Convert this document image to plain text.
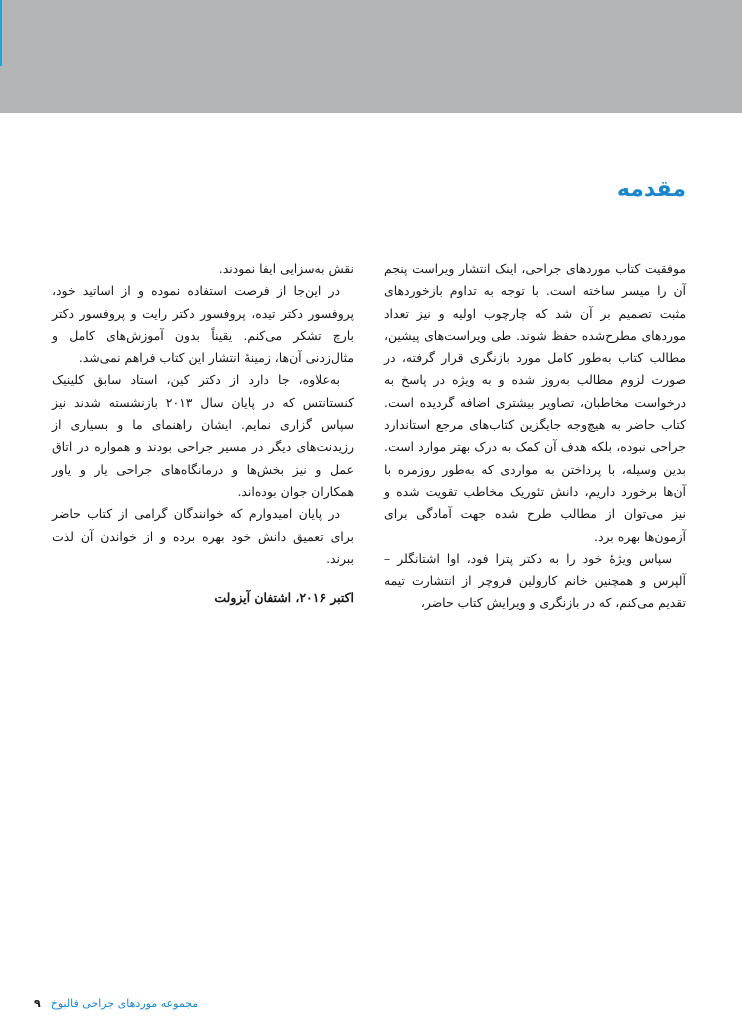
مقدمه

موفقیت کتاب موردهای جراحی، اینک انتشار ویراست پنجم آن را میسر ساخته است. با توجه به تداوم بازخوردهای مثبت تصمیم بر آن شد که چارچوب اولیه و نیز تعداد موردهای مطرح‌شده حفظ شوند. طی ویراست‌های پیشین، مطالب کتاب به‌طور کامل مورد بازنگری قرار گرفته، در صورت لزوم مطالب به‌روز شده و به ویژه در پاسخ به درخواست مخاطبان، تصاویر بیشتری اضافه گردیده است. کتاب حاضر به هیچ‌وجه جایگزین کتاب‌های مرجع استاندارد جراحی نبوده، بلکه هدف آن کمک به درک بهتر موارد است. بدین وسیله، با پرداختن به مواردی که به‌طور روزمره با آن‌ها برخورد داریم، دانش تئوریک مخاطب تقویت شده و نیز می‌توان از مطالب طرح شده جهت آمادگی برای آزمون‌ها بهره برد.

سپاس ویژهٔ خود را به دکتر پترا فود، اوا اشتانگلر – آلپرس و همچنین خانم کارولین فروچر از انتشارت تیمه تقدیم می‌کنم، که در بازنگری و ویرایش کتاب حاضر،

نقش به‌سزایی ایفا نمودند.

در این‌جا از فرصت استفاده نموده و از اساتید خود، پروفسور دکتر تیده، پروفسور دکتر رایت و پروفسور دکتر بارچ تشکر می‌کنم. یقیناً بدون آموزش‌های کامل و مثال‌زدنی آن‌ها، زمینهٔ انتشار این کتاب فراهم نمی‌شد.

به‌علاوه، جا دارد از دکتر کین، استاد سابق کلینیک کنستانتس که در پایان سال ۲۰۱۳ بازنشسته شدند نیز سپاس گزاری نمایم. ایشان راهنمای ما و بسیاری از رزیدنت‌های دیگر در مسیر جراحی بودند و همواره در اتاق عمل و نیز بخش‌ها و درمانگاه‌های جراحی یار و یاور همکاران جوان بوده‌اند.

در پایان امیدوارم که خوانندگان گرامی از کتاب حاضر برای تعمیق دانش خود بهره برده و از خواندن آن لذت ببرند.

اکتبر ۲۰۱۶، اشتفان آیزولت
مجموعه موردهای جراحی فالبوخ۹
